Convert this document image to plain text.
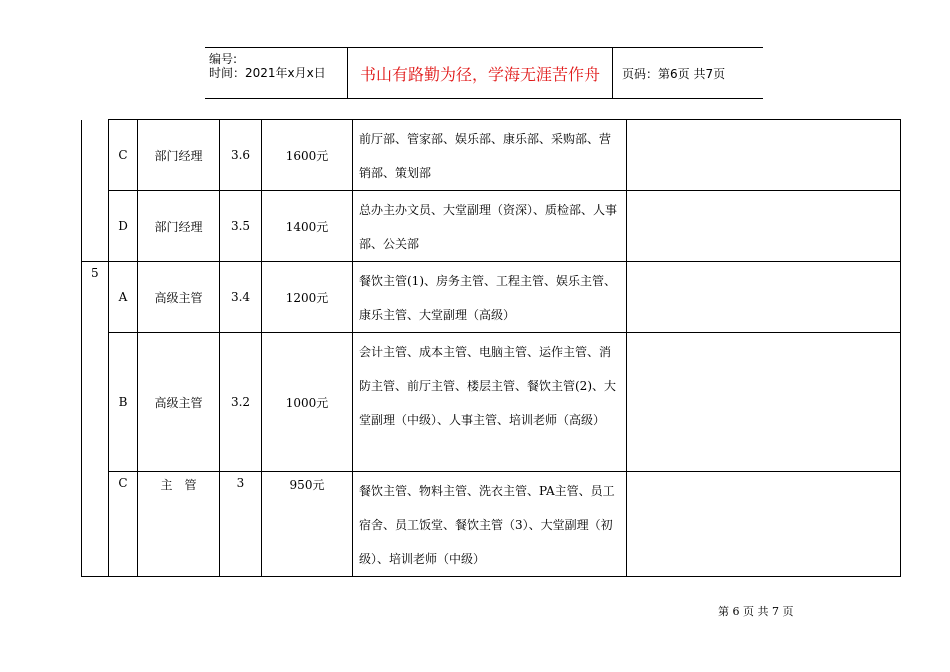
编号:
时间：2021年x月x日 书山有路勤为径，学海无涯苦作舟 页码：第6页 共7页
	C	部门经理	3.6	1600元	前厅部、管家部、娱乐部、康乐部、采购部、营销部、策划部	
	D	部门经理	3.5	1400元	总办主办文员、大堂副理（资深）、质检部、人事部、公关部	

5	A	高级主管	3.4	1200元	餐饮主管(1)、房务主管、工程主管、娱乐主管、康乐主管、大堂副理（高级）	
	B	高级主管	3.2	1000元	会计主管、成本主管、电脑主管、运作主管、消防主管、前厅主管、楼层主管、餐饮主管(2)、大堂副理（中级）、人事主管、培训老师（高级）	
	C	主　管	3	950元	餐饮主管、物料主管、洗衣主管、PA主管、员工宿舍、员工饭堂、餐饮主管（3）、大堂副理（初级）、培训老师（中级）	
第 6 页 共 7 页
